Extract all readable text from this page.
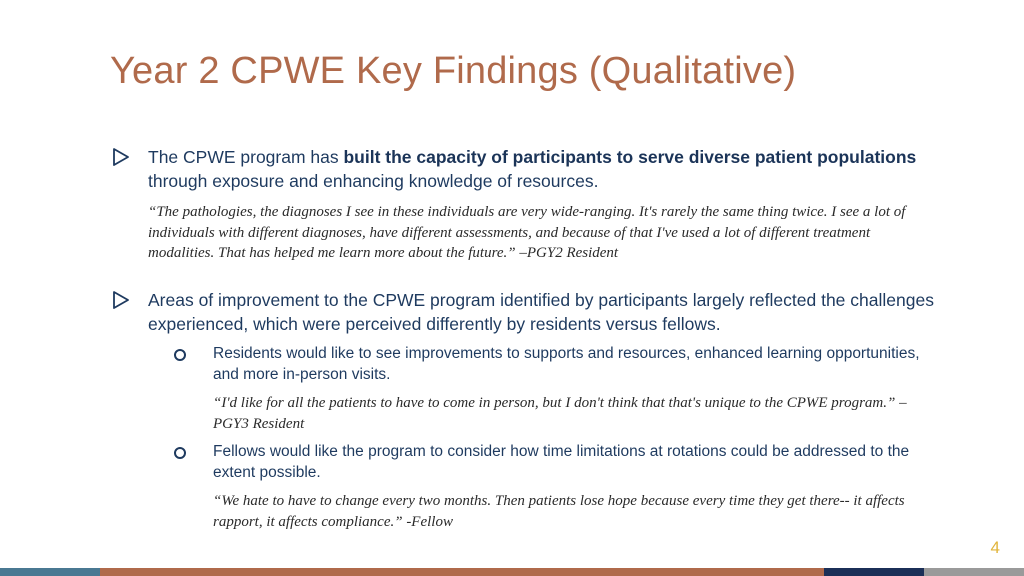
Year 2 CPWE Key Findings (Qualitative)
The CPWE program has built the capacity of participants to serve diverse patient populations through exposure and enhancing knowledge of resources.
“The pathologies, the diagnoses I see in these individuals are very wide-ranging. It's rarely the same thing twice. I see a lot of individuals with different diagnoses, have different assessments, and because of that I've used a lot of different treatment modalities. That has helped me learn more about the future.” –PGY2 Resident
Areas of improvement to the CPWE program identified by participants largely reflected the challenges experienced, which were perceived differently by residents versus fellows.
Residents would like to see improvements to supports and resources, enhanced learning opportunities, and more in-person visits.
“I'd like for all the patients to have to come in person, but I don't think that that's unique to the CPWE program.” –PGY3 Resident
Fellows would like the program to consider how time limitations at rotations could be addressed to the extent possible.
“We hate to have to change every two months. Then patients lose hope because every time they get there-- it affects rapport, it affects compliance.” -Fellow
4
